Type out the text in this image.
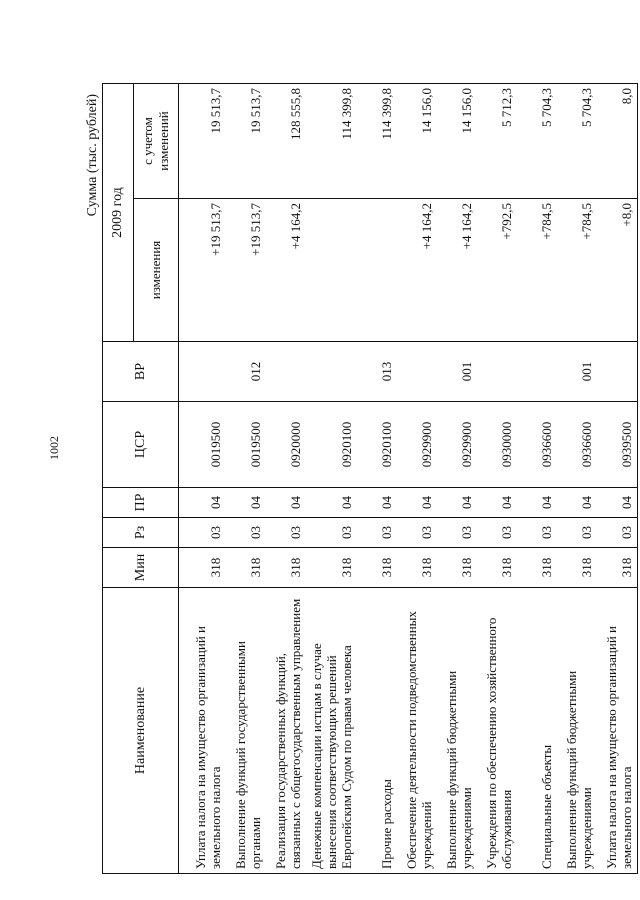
1002
Сумма (тыс. рублей)
Наименование	Мин	Рз	ПР	ЦСР	ВР	2009 год	
						изменения	с учетом изменений

Уплата налога на имущество организаций и земельного налога	318	03	04	0019500		+19 513,7	19 513,7

Выполнение функций государственными органами	318	03	04	0019500	012	+19 513,7	19 513,7

Реализация государственных функций, связанных с общегосударственным управлением	318	03	04	0920000		+4 164,2	128 555,8

Денежные компенсации истцам в случае вынесения соответствующих решений Европейским Судом по правам человека	318	03	04	0920100			114 399,8

Прочие расходы	318	03	04	0920100	013		114 399,8

Обеспечение деятельности подведомственных учреждений	318	03	04	0929900		+4 164,2	14 156,0

Выполнение функций бюджетными учреждениями	318	03	04	0929900	001	+4 164,2	14 156,0

Учреждения по обеспечению хозяйственного обслуживания	318	03	04	0930000		+792,5	5 712,3

Специальные объекты	318	03	04	0936600		+784,5	5 704,3

Выполнение функций бюджетными учреждениями	318	03	04	0936600	001	+784,5	5 704,3

Уплата налога на имущество организаций и земельного налога	318	03	04	0939500		+8,0	8,0
